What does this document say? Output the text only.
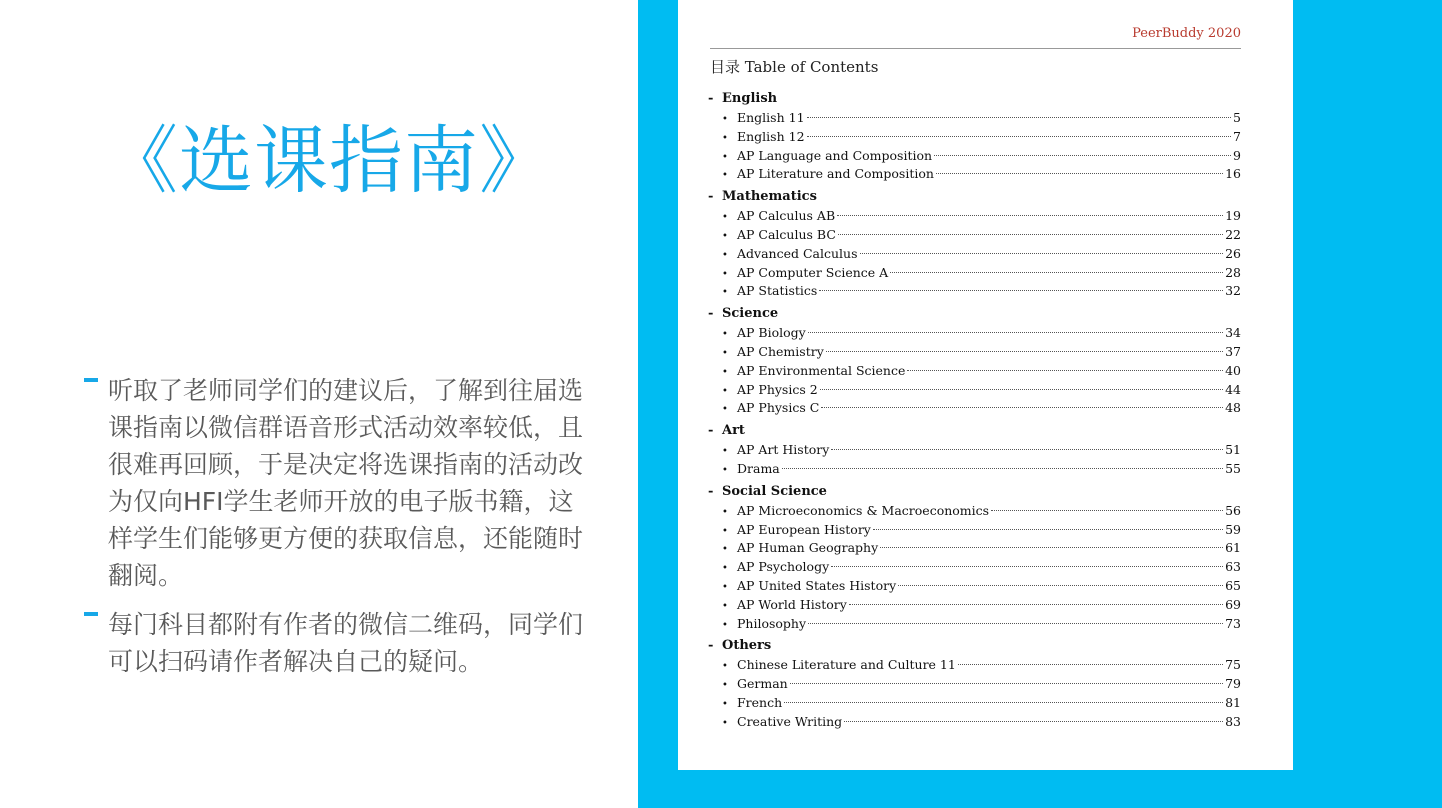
《选课指南》
听取了老师同学们的建议后，了解到往届选课指南以微信群语音形式活动效率较低，且很难再回顾，于是决定将选课指南的活动改为仅向HFI学生老师开放的电子版书籍，这样学生们能够更方便的获取信息，还能随时翻阅。
每门科目都附有作者的微信二维码，同学们可以扫码请作者解决自己的疑问。
PeerBuddy 2020
目录 Table of Contents
- English
• English 11	5
• English 12	7
• AP Language and Composition	9
• AP Literature and Composition	16
- Mathematics
• AP Calculus AB	19
• AP Calculus BC	22
• Advanced Calculus	26
• AP Computer Science A	28
• AP Statistics	32
- Science
• AP Biology	34
• AP Chemistry	37
• AP Environmental Science	40
• AP Physics 2	44
• AP Physics C	48
- Art
• AP Art History	51
• Drama	55
- Social Science
• AP Microeconomics & Macroeconomics	56
• AP European History	59
• AP Human Geography	61
• AP Psychology	63
• AP United States History	65
• AP World History	69
• Philosophy	73
- Others
• Chinese Literature and Culture 11	75
• German	79
• French	81
• Creative Writing	83
